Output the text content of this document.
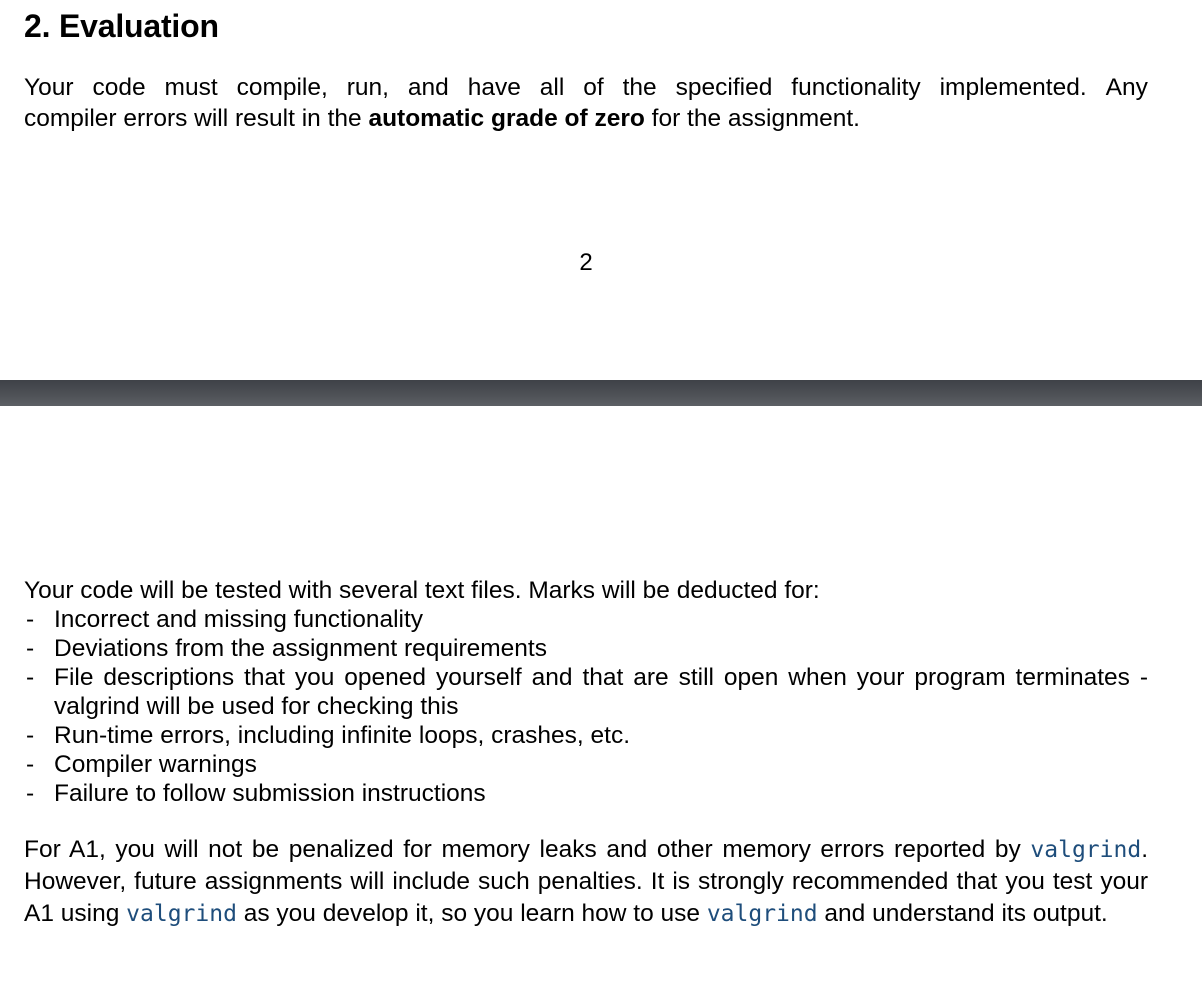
2. Evaluation

Your code must compile, run, and have all of the specified functionality implemented. Any
compiler errors will result in the automatic grade of zero for the assignment.

2

Your code will be tested with several text files. Marks will be deducted for:

- Incorrect and missing functionality
- Deviations from the assignment requirements
- File descriptions that you opened yourself and that are still open when your program terminates - valgrind will be used for checking this
- Run-time errors, including infinite loops, crashes, etc.
- Compiler warnings
- Failure to follow submission instructions

For A1, you will not be penalized for memory leaks and other memory errors reported by valgrind. However, future assignments will include such penalties. It is strongly recommended that you test your A1 using valgrind as you develop it, so you learn how to use valgrind and understand its output.
